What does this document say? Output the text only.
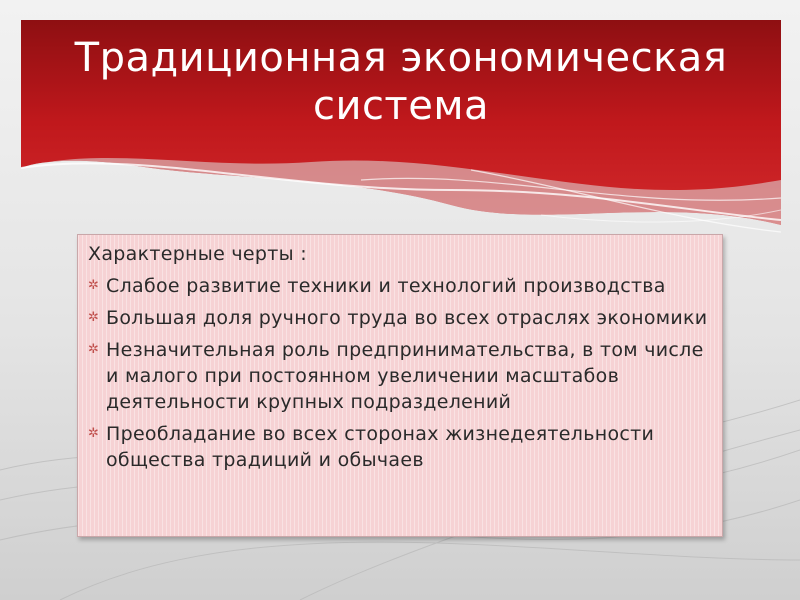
Традиционная экономическая
система

Характерные черты :

✲ Слабое развитие техники и технологий производства
✲ Большая доля ручного труда во всех отраслях экономики
✲ Незначительная роль предпринимательства, в том числе и малого при постоянном увеличении масштабов деятельности крупных подразделений
✲ Преобладание во всех сторонах жизнедеятельности общества традиций и обычаев
